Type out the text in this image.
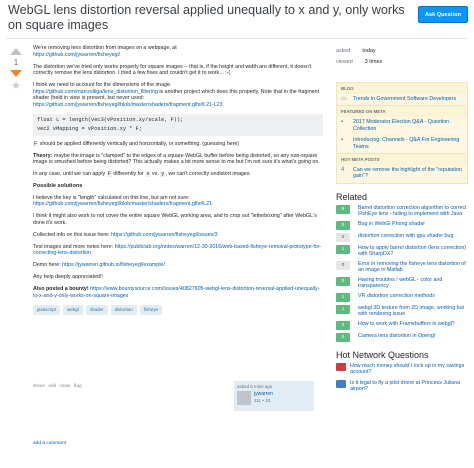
WebGL lens distortion reversal applied unequally to x and y, only works on square images
Ask Question
1
★

We're removing lens distortion from images on a webpage, at
https://github.com/jywarren/fisheyegl/

The distortion we've tried only works properly for square images -- that is, if the height and width are different, it doesn't correctly remove the lens distortion. I tried a few fixes and couldn't get it to work... :-(

I think we need to account for the dimensions of the image.
https://github.com/marcodiiga/lens_distortion_filtering is another project which does this properly. Note that in the fragment shader (held in view is present, but never used:
https://github.com/jywarren/fisheyegl/blob/master/shaders/fragment.glfs#L21-L23

float L = length(vec3(vPosition.xy/scale, F));
vec2 vMapping = vPosition.xy * F;

F should be applied differently vertically and horizontally, or something. (guessing here)

Theory: maybe the image is "clamped" to the edges of a square WebGL buffer before being distorted, so any non-square image is smushed before being distorted? This actually makes a bit more sense to me but I'm not sure it's what's going on.

In any case, until we can apply F differently for x vs. y, we can't correctly undistort images.

Possible solutions

I believe the key is "length" calculated on this line, but am not sure:
https://github.com/jywarren/fisheyegl/blob/master/shaders/fragment.glfs#L21

I think it might also work to not cover the entire square WebGL working area, and to crop out "letterboxing" after WebGL's done it's work.

Collected info on this issue here: https://github.com/jywarren/fisheyegl/issues/3

Test images and more notes here: https://publiclab.org/notes/warren/12-30-2016/web-based-fisheye-removal-prototype-for-correcting-lens-distortion

Demo here: https://jywarren.github.io/fisheyegl/example/

Any help deeply appreciated!!

Also posted a bounty! https://www.bountysource.com/issues/40827605-webgl-lens-distortion-reversal-applied-unequally-to-x-and-y-only-works-on-square-images

javascript	webgl	shader	distortion	fisheye
share edit close flag	asked 6 mins ago
jywarren
111 • 10
add a comment
asked today
viewed 3 times
BLOG
▭ Trends in Government Software Developers
FEATURED ON META
▪	2017 Moderator Election Q&A - Question Collection
▪	Introducing: Channels - Q&A For Engineering Teams
HOT META POSTS
4	Can we remove the highlight of the "reputation gain"?
Related
6	Barrel distortion correction algorithm to correct FishEye lens - failing to implement with Java
0	Bug in WebGl Phong shader
0	distortion correction with gpu shader bug
1	How to apply barrel distortion (lens correction) with SharpDX?
0	Error in removing the fisheye lens distortion of an image in Matlab
0	Having troubles / webGL - color and transparency
1	VR distortion correction methods
1	webgl 3D texture from 2D image, working but with rendering issue
0	How to work with Framebuffers in webgl?
0	Camera lens distortion in Opengl
Hot Network Questions
How much money should I lock up in my savings account?
Is it legal to fly a pilot drone at Princess Juliana airport?
